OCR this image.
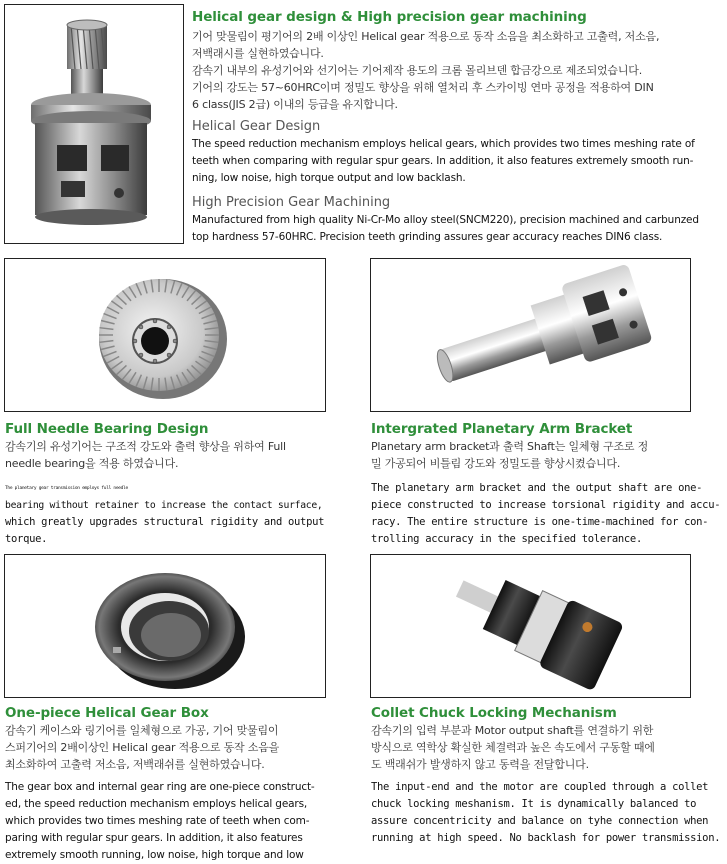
Helical gear design & High precision gear machining
기어 맞물림이 평기어의 2배 이상인 Helical gear 적용으로 동작 소음을 최소화하고 고출력, 저소음,
저백래시를 실현하였습니다.
감속기 내부의 유성기어와 선기어는 기어제작 용도의 크롬 몰리브덴 합금강으로 제조되었습니다.
기어의 강도는 57~60HRC이며 정밀도 향상을 위해 열처리 후 스카이빙 연마 공정을 적용하여 DIN
6 class(JIS 2급) 이내의 등급을 유지합니다.
Helical Gear Design
The speed reduction mechanism employs helical gears, which provides two times meshing rate of
teeth when comparing with regular spur gears. In addition, it also features extremely smooth run-
ning, low noise, high torque output and low backlash.
High Precision Gear Machining
Manufactured from high quality Ni-Cr-Mo alloy steel(SNCM220), precision machined and carbunzed
top hardness 57-60HRC. Precision teeth grinding assures gear accuracy reaches DIN6 class.
Full Needle Bearing Design
감속기의 유성기어는 구조적 강도와 출력 향상을 위하여 Full
needle bearing을 적용 하였습니다.
The planetary gear transmission employs full needle
bearing without retainer to increase the contact surface,
which greatly upgrades structural rigidity and output
torque.
Intergrated Planetary Arm Bracket
Planetary arm bracket과 출력 Shaft는 일체형 구조로 정
밀 가공되어 비틀림 강도와 정밀도를 향상시켰습니다.
The planetary arm bracket and the output shaft are one-
piece constructed to increase torsional rigidity and accu-
racy. The entire structure is one-time-machined for con-
trolling accuracy in the specified tolerance.
One-piece Helical Gear Box
감속기 케이스와 링기어를 일체형으로 가공, 기어 맞물림이
스퍼기어의 2배이상인 Helical gear 적용으로 동작 소음을
최소화하여 고출력 저소음, 저백래쉬를 실현하였습니다.
The gear box and internal gear ring are one-piece construct-
ed, the speed reduction mechanism employs helical gears,
which provides two times meshing rate of teeth when com-
paring with regular spur gears. In addition, it also features
extremely smooth running, low noise, high torque and low
Collet Chuck Locking Mechanism
감속기의 입력 부분과 Motor output shaft를 연결하기 위한
방식으로 역학상 확실한 체결력과 높은 속도에서 구동할 때에
도 백래쉬가 발생하지 않고 동력을 전달합니다.
The input-end and the motor are coupled through a collet
chuck locking meshanism. It is dynamically balanced to
assure concentricity and balance on tyhe connection when
running at high speed. No backlash for power transmission.
